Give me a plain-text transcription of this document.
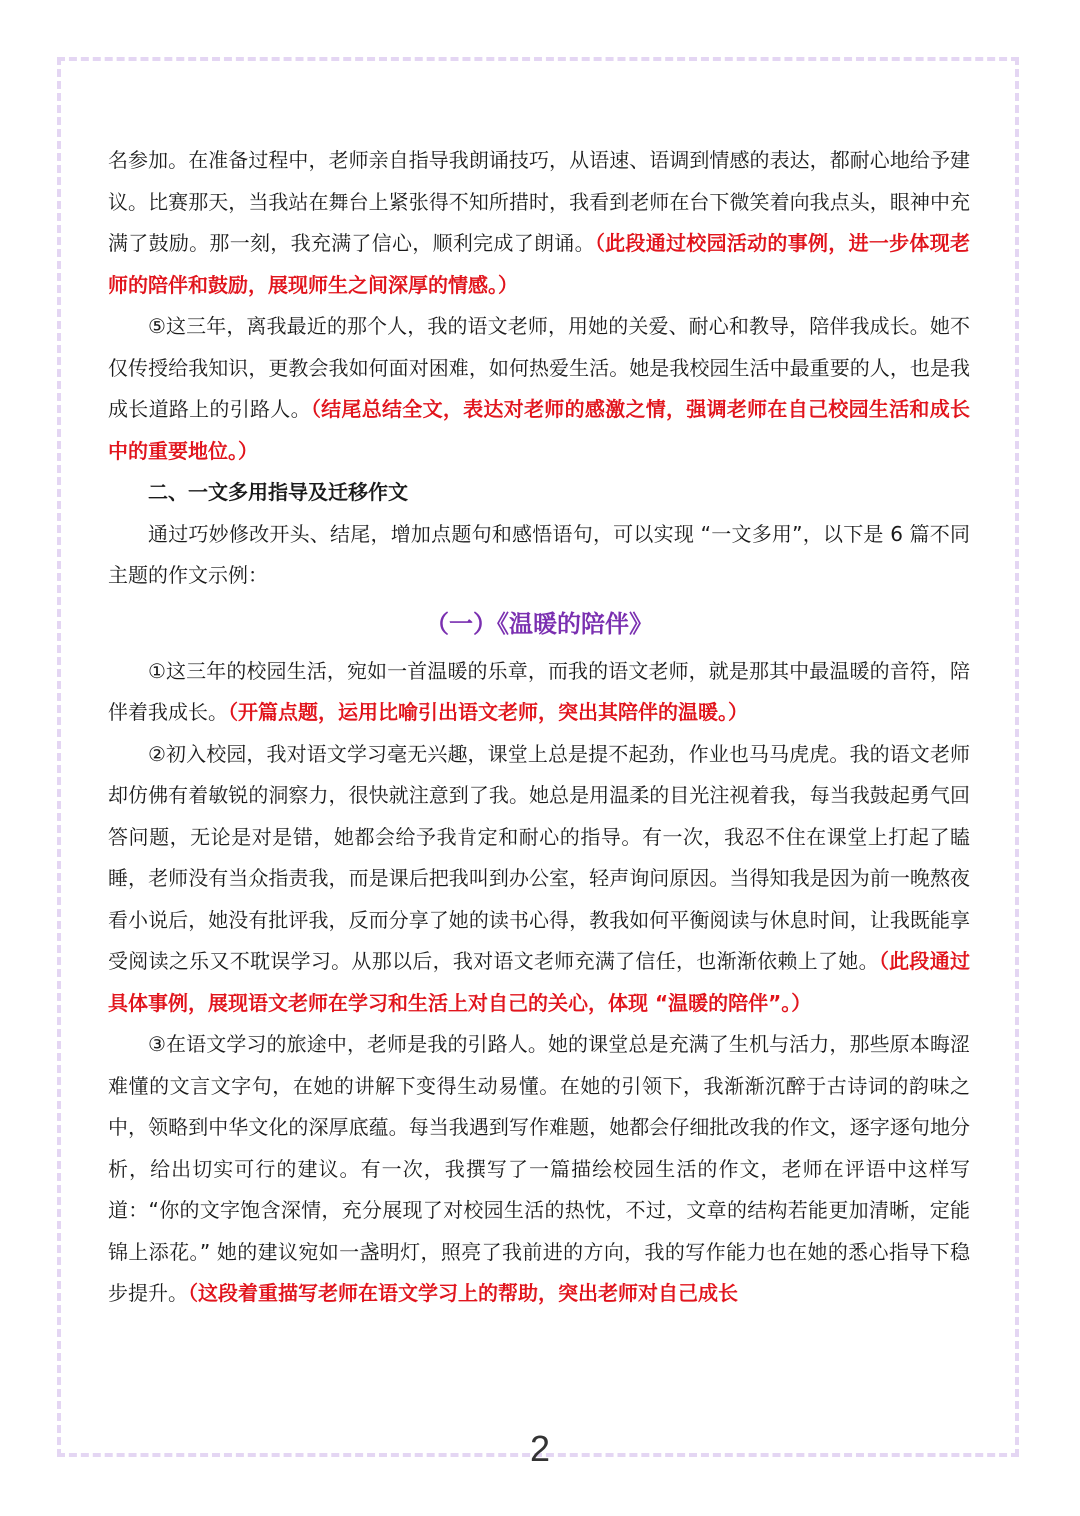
名参加。在准备过程中，老师亲自指导我朗诵技巧，从语速、语调到情感的表达，都耐心地给予建议。比赛那天，当我站在舞台上紧张得不知所措时，我看到老师在台下微笑着向我点头，眼神中充满了鼓励。那一刻，我充满了信心，顺利完成了朗诵。（此段通过校园活动的事例，进一步体现老师的陪伴和鼓励，展现师生之间深厚的情感。）

⑤这三年，离我最近的那个人，我的语文老师，用她的关爱、耐心和教导，陪伴我成长。她不仅传授给我知识，更教会我如何面对困难，如何热爱生活。她是我校园生活中最重要的人，也是我成长道路上的引路人。（结尾总结全文，表达对老师的感激之情，强调老师在自己校园生活和成长中的重要地位。）

二、一文多用指导及迁移作文

通过巧妙修改开头、结尾，增加点题句和感悟语句，可以实现 “一文多用”，以下是 6 篇不同主题的作文示例：

（一）《温暖的陪伴》

①这三年的校园生活，宛如一首温暖的乐章，而我的语文老师，就是那其中最温暖的音符，陪伴着我成长。（开篇点题，运用比喻引出语文老师，突出其陪伴的温暖。）

②初入校园，我对语文学习毫无兴趣，课堂上总是提不起劲，作业也马马虎虎。我的语文老师却仿佛有着敏锐的洞察力，很快就注意到了我。她总是用温柔的目光注视着我，每当我鼓起勇气回答问题，无论是对是错，她都会给予我肯定和耐心的指导。有一次，我忍不住在课堂上打起了瞌睡，老师没有当众指责我，而是课后把我叫到办公室，轻声询问原因。当得知我是因为前一晚熬夜看小说后，她没有批评我，反而分享了她的读书心得，教我如何平衡阅读与休息时间，让我既能享受阅读之乐又不耽误学习。从那以后，我对语文老师充满了信任，也渐渐依赖上了她。（此段通过具体事例，展现语文老师在学习和生活上对自己的关心，体现 “温暖的陪伴”。）

③在语文学习的旅途中，老师是我的引路人。她的课堂总是充满了生机与活力，那些原本晦涩难懂的文言文字句，在她的讲解下变得生动易懂。在她的引领下，我渐渐沉醉于古诗词的韵味之中，领略到中华文化的深厚底蕴。每当我遇到写作难题，她都会仔细批改我的作文，逐字逐句地分析，给出切实可行的建议。有一次，我撰写了一篇描绘校园生活的作文，老师在评语中这样写道：“你的文字饱含深情，充分展现了对校园生活的热忱，不过，文章的结构若能更加清晰，定能锦上添花。” 她的建议宛如一盏明灯，照亮了我前进的方向，我的写作能力也在她的悉心指导下稳步提升。（这段着重描写老师在语文学习上的帮助，突出老师对自己成长

2
